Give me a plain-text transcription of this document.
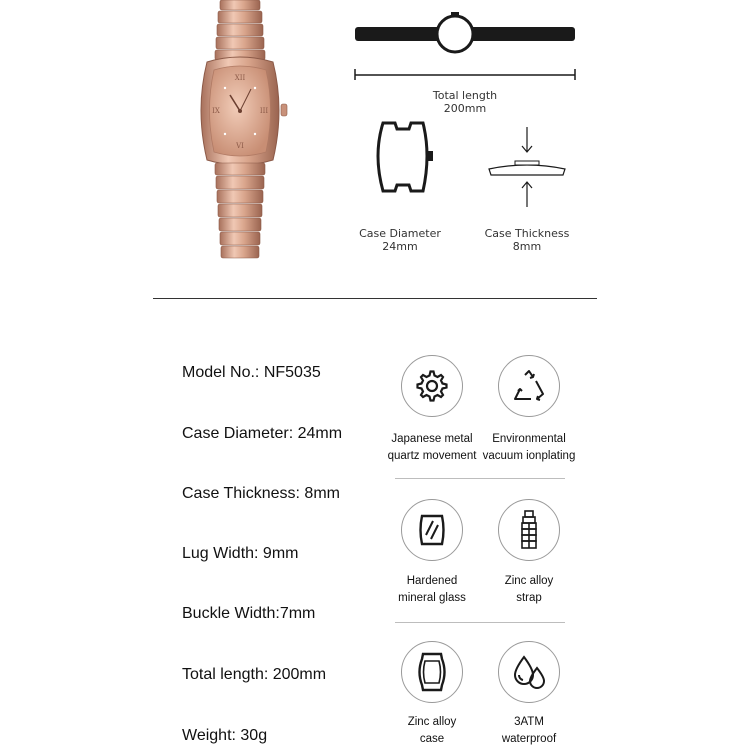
XII
IX	III
VI
Total length
200mm
Case Diameter
24mm
Case Thickness
8mm
Model No.: NF5035
Case Diameter: 24mm
Case Thickness: 8mm
Lug Width: 9mm
Buckle Width:7mm
Total length: 200mm
Weight: 30g
Japanese metal
quartz movement
Environmental
vacuum ionplating
Hardened
mineral glass
Zinc alloy
strap
Zinc alloy
case
3ATM
waterproof
